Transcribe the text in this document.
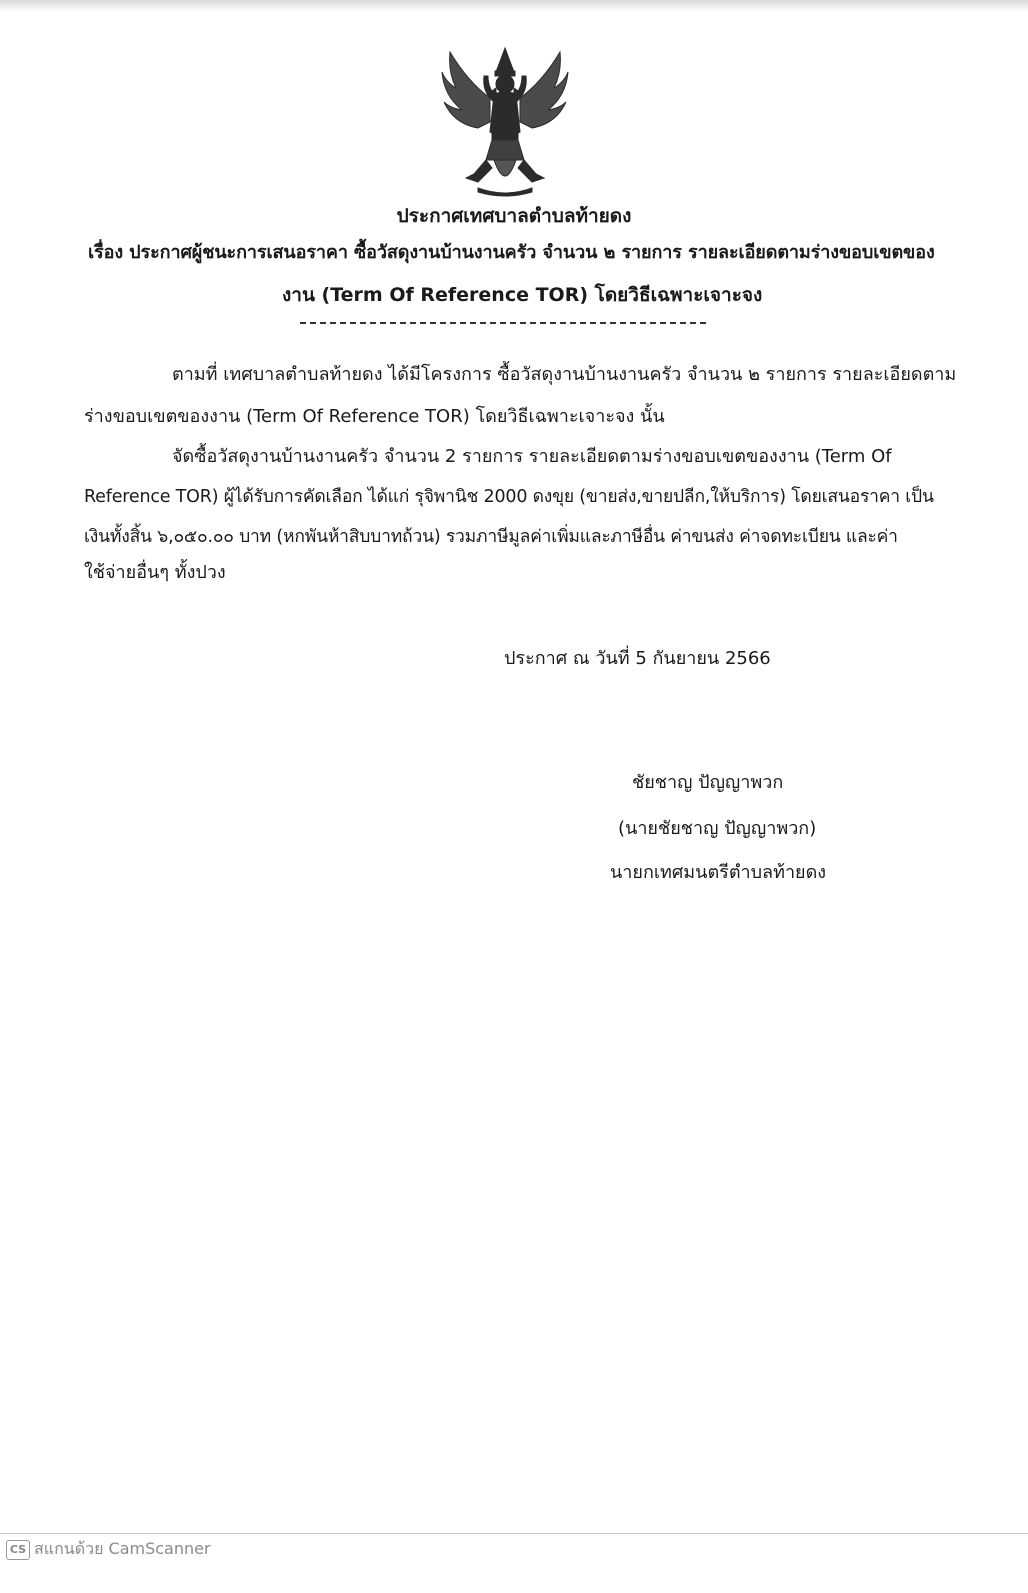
ประกาศเทศบาลตำบลท้ายดง
เรื่อง ประกาศผู้ชนะการเสนอราคา ซื้อวัสดุงานบ้านงานครัว จำนวน ๒ รายการ รายละเอียดตามร่างขอบเขตของ
งาน (Term Of Reference TOR) โดยวิธีเฉพาะเจาะจง
ตามที่ เทศบาลตำบลท้ายดง ได้มีโครงการ ซื้อวัสดุงานบ้านงานครัว จำนวน ๒ รายการ รายละเอียดตาม
ร่างขอบเขตของงาน (Term Of Reference TOR) โดยวิธีเฉพาะเจาะจง นั้น
จัดซื้อวัสดุงานบ้านงานครัว จำนวน 2 รายการ รายละเอียดตามร่างขอบเขตของงาน (Term Of
Reference TOR) ผู้ได้รับการคัดเลือก ได้แก่ รุจิพานิช 2000 ดงขุย (ขายส่ง,ขายปลีก,ให้บริการ) โดยเสนอราคา เป็น
เงินทั้งสิ้น ๖,๐๕๐.๐๐ บาท (หกพันห้าสิบบาทถ้วน) รวมภาษีมูลค่าเพิ่มและภาษีอื่น ค่าขนส่ง ค่าจดทะเบียน และค่า
ใช้จ่ายอื่นๆ ทั้งปวง
ประกาศ ณ วันที่ 5 กันยายน 2566
ชัยชาญ ปัญญาพวก
(นายชัยชาญ ปัญญาพวก)
นายกเทศมนตรีตำบลท้ายดง
CS สแกนด้วย CamScanner
